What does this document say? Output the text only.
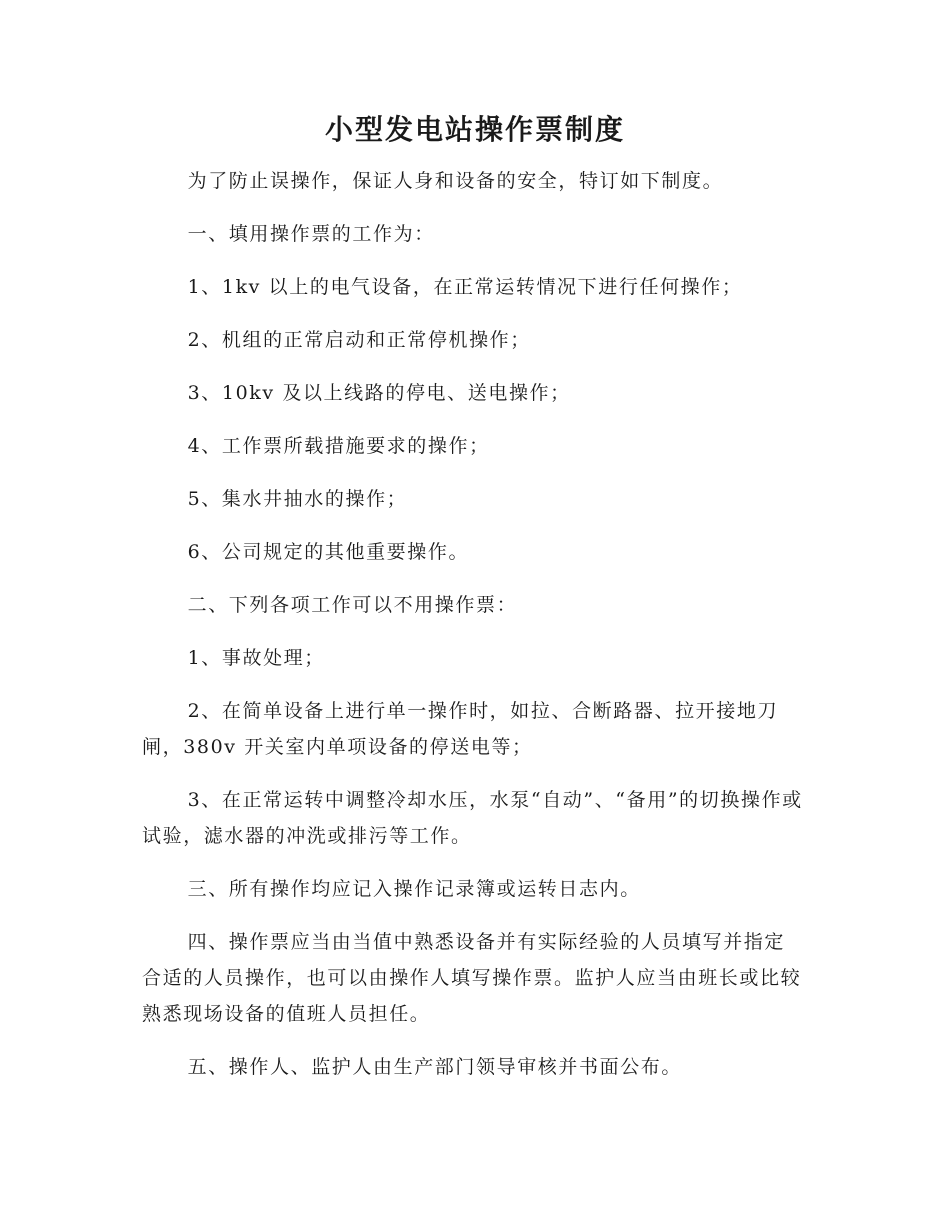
小型发电站操作票制度

为了防止误操作，保证人身和设备的安全，特订如下制度。

一、填用操作票的工作为：

1、1kv 以上的电气设备，在正常运转情况下进行任何操作；

2、机组的正常启动和正常停机操作；

3、10kv 及以上线路的停电、送电操作；

4、工作票所载措施要求的操作；

5、集水井抽水的操作；

6、公司规定的其他重要操作。

二、下列各项工作可以不用操作票：

1、事故处理；

2、在简单设备上进行单一操作时，如拉、合断路器、拉开接地刀闸，380v 开关室内单项设备的停送电等；

3、在正常运转中调整冷却水压，水泵“自动”、“备用”的切换操作或试验，滤水器的冲洗或排污等工作。

三、所有操作均应记入操作记录簿或运转日志内。

四、操作票应当由当值中熟悉设备并有实际经验的人员填写并指定合适的人员操作，也可以由操作人填写操作票。监护人应当由班长或比较熟悉现场设备的值班人员担任。

五、操作人、监护人由生产部门领导审核并书面公布。
